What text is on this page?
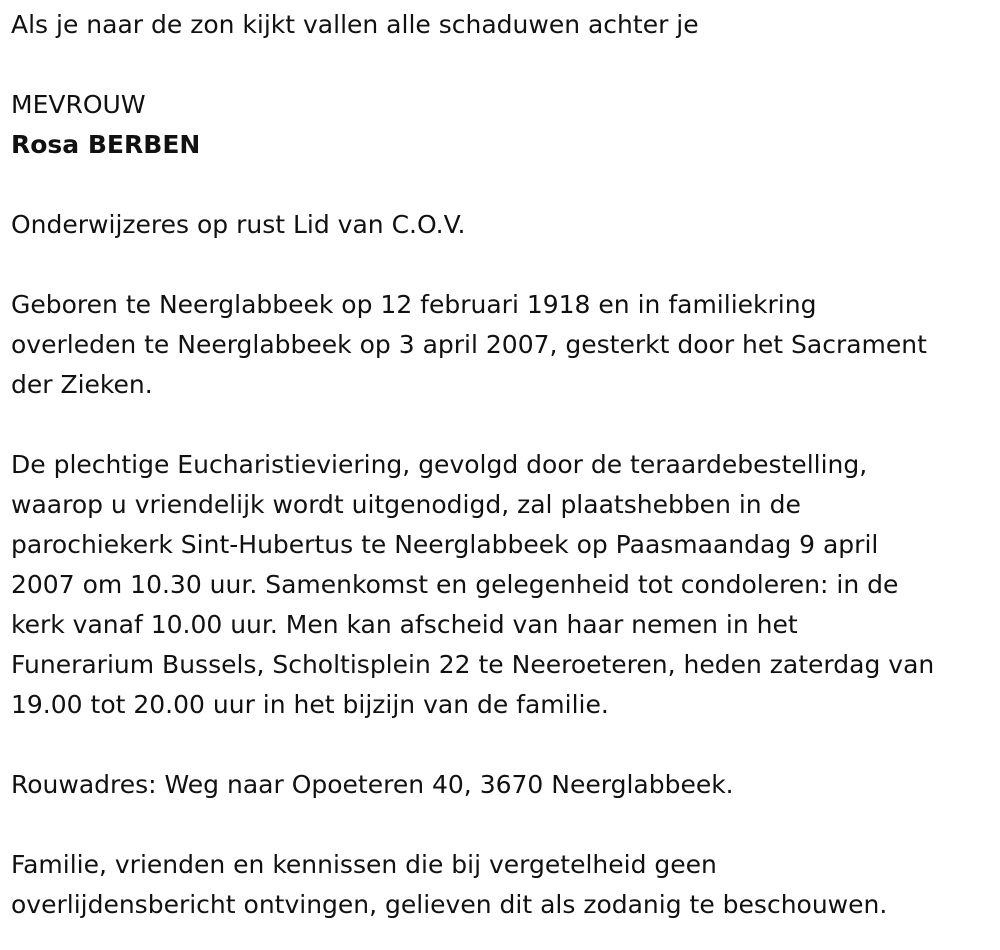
Als je naar de zon kijkt vallen alle schaduwen achter je
MEVROUW
Rosa BERBEN
Onderwijzeres op rust Lid van C.O.V.
Geboren te Neerglabbeek op 12 februari 1918 en in familiekring
overleden te Neerglabbeek op 3 april 2007, gesterkt door het Sacrament
der Zieken.
De plechtige Eucharistieviering, gevolgd door de teraardebestelling,
waarop u vriendelijk wordt uitgenodigd, zal plaatshebben in de
parochiekerk Sint-Hubertus te Neerglabbeek op Paasmaandag 9 april
2007 om 10.30 uur. Samenkomst en gelegenheid tot condoleren: in de
kerk vanaf 10.00 uur. Men kan afscheid van haar nemen in het
Funerarium Bussels, Scholtisplein 22 te Neeroeteren, heden zaterdag van
19.00 tot 20.00 uur in het bijzijn van de familie.
Rouwadres: Weg naar Opoeteren 40, 3670 Neerglabbeek.
Familie, vrienden en kennissen die bij vergetelheid geen
overlijdensbericht ontvingen, gelieven dit als zodanig te beschouwen.
